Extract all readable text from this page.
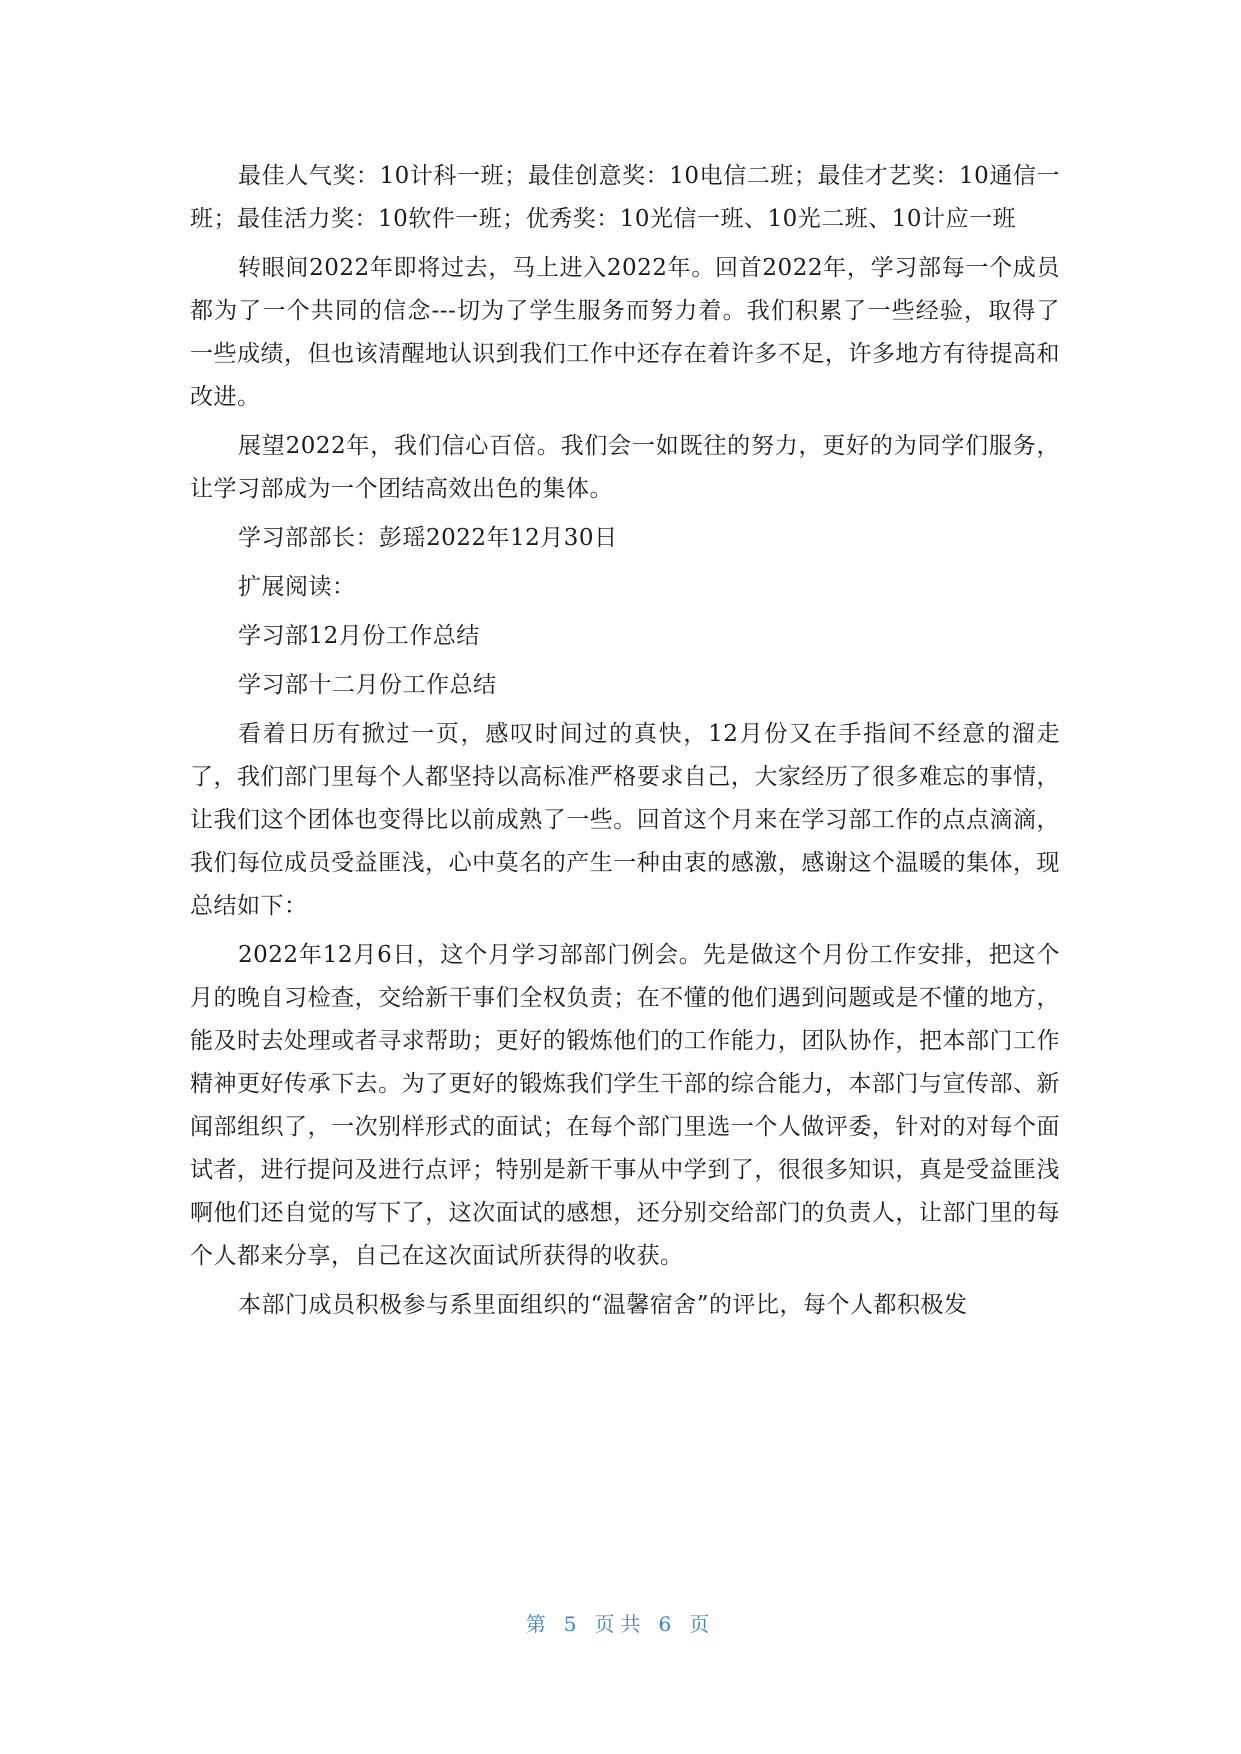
最佳人气奖：10计科一班；最佳创意奖：10电信二班；最佳才艺奖：10通信一班；最佳活力奖：10软件一班；优秀奖：10光信一班、10光二班、10计应一班

转眼间2022年即将过去，马上进入2022年。回首2022年，学习部每一个成员都为了一个共同的信念---切为了学生服务而努力着。我们积累了一些经验，取得了一些成绩，但也该清醒地认识到我们工作中还存在着许多不足，许多地方有待提高和改进。

展望2022年，我们信心百倍。我们会一如既往的努力，更好的为同学们服务，让学习部成为一个团结高效出色的集体。

学习部部长：彭瑶2022年12月30日

扩展阅读：

学习部12月份工作总结

学习部十二月份工作总结

看着日历有掀过一页，感叹时间过的真快，12月份又在手指间不经意的溜走了，我们部门里每个人都坚持以高标准严格要求自己，大家经历了很多难忘的事情，让我们这个团体也变得比以前成熟了一些。回首这个月来在学习部工作的点点滴滴，我们每位成员受益匪浅，心中莫名的产生一种由衷的感激，感谢这个温暖的集体，现总结如下：

2022年12月6日，这个月学习部部门例会。先是做这个月份工作安排，把这个月的晚自习检查，交给新干事们全权负责；在不懂的他们遇到问题或是不懂的地方，能及时去处理或者寻求帮助；更好的锻炼他们的工作能力，团队协作，把本部门工作精神更好传承下去。为了更好的锻炼我们学生干部的综合能力，本部门与宣传部、新闻部组织了，一次别样形式的面试；在每个部门里选一个人做评委，针对的对每个面试者，进行提问及进行点评；特别是新干事从中学到了，很很多知识，真是受益匪浅啊他们还自觉的写下了，这次面试的感想，还分别交给部门的负责人，让部门里的每个人都来分享，自己在这次面试所获得的收获。

本部门成员积极参与系里面组织的“温馨宿舍”的评比，每个人都积极发

第 5 页共 6 页
